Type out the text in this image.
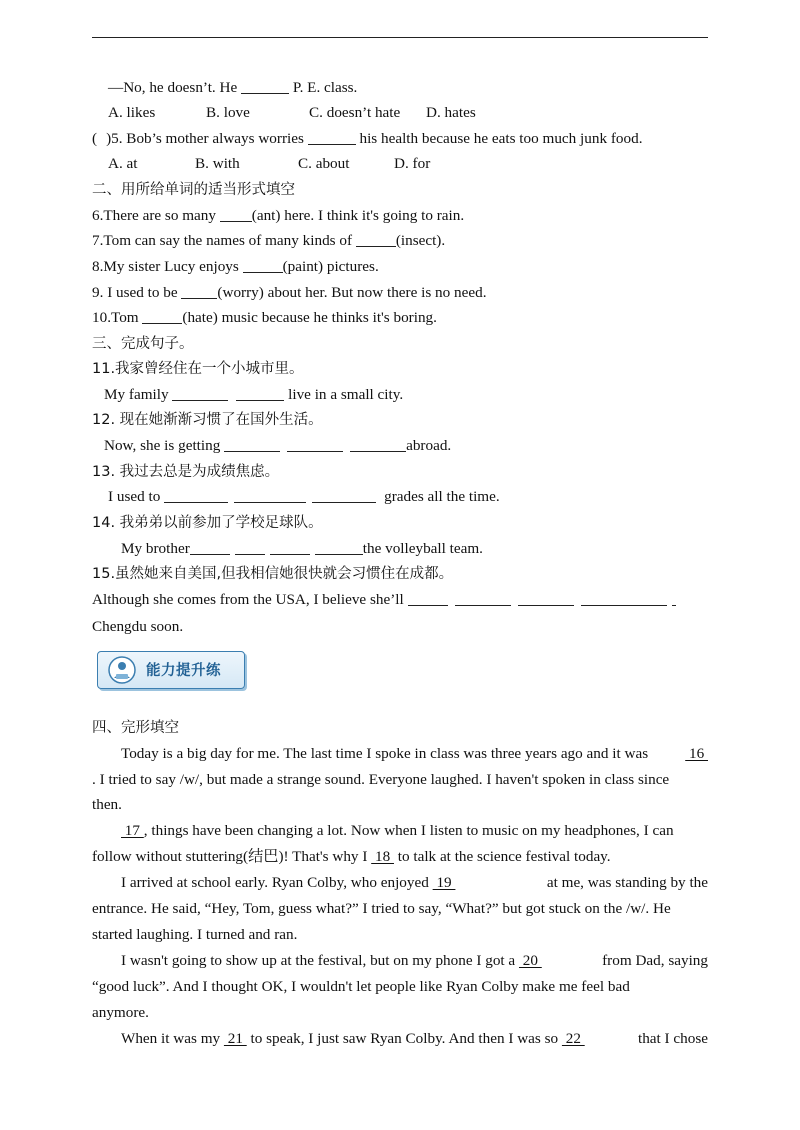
—No, he doesn’t. He	P. E. class.
A. likes	B. love	C. doesn’t hate D. hates
( )5. Bob’s mother always worries	his health because he eats too much junk food.
A. at	B. with	C. about	D. for
二、用所给单词的适当形式填空
6.There are so many (ant) here. I think it's going to rain.
7.Tom can say the names of many kinds of	(insect).
8.My sister Lucy enjoys	(paint) pictures.
9. I used to be (worry) about her. But now there is no need.
10.Tom	(hate) music because he thinks it's boring.
三、完成句子。
11.我家曾经住在一个小城市里。
My family	live in a small city.
12. 现在她渐渐习惯了在国外生活。
Now, she is getting	abroad.
13. 我过去总是为成绩焦虑。
I used to	grades all the time.
14. 我弟弟以前参加了学校足球队。
My brother	the volleyball team.
15.虽然她来自美国,但我相信她很快就会习惯住在成都。
Although she comes from the USA, I believe she’ll
Chengdu soon.
能力提升练
四、完形填空
Today is a big day for me. The last time I spoke in class was three years ago and it was 16
. I tried to say /w/, but made a strange sound. Everyone laughed. I haven't spoken in class since
then.
17 , things have been changing a lot. Now when I listen to music on my headphones, I can
follow without stuttering(结巴)! That's why I  18  to talk at the science festival today.
I arrived at school early. Ryan Colby, who enjoyed  19	at me, was standing by the
entrance. He said, “Hey, Tom, guess what?” I tried to say, “What?” but got stuck on the /w/. He
started laughing. I turned and ran.
I wasn't going to show up at the festival, but on my phone I got a  20	from Dad, saying
“good luck”. And I thought OK, I wouldn't let people like Ryan Colby make me feel bad
anymore.
When it was my  21  to speak, I just saw Ryan Colby. And then I was so  22	that I chose
